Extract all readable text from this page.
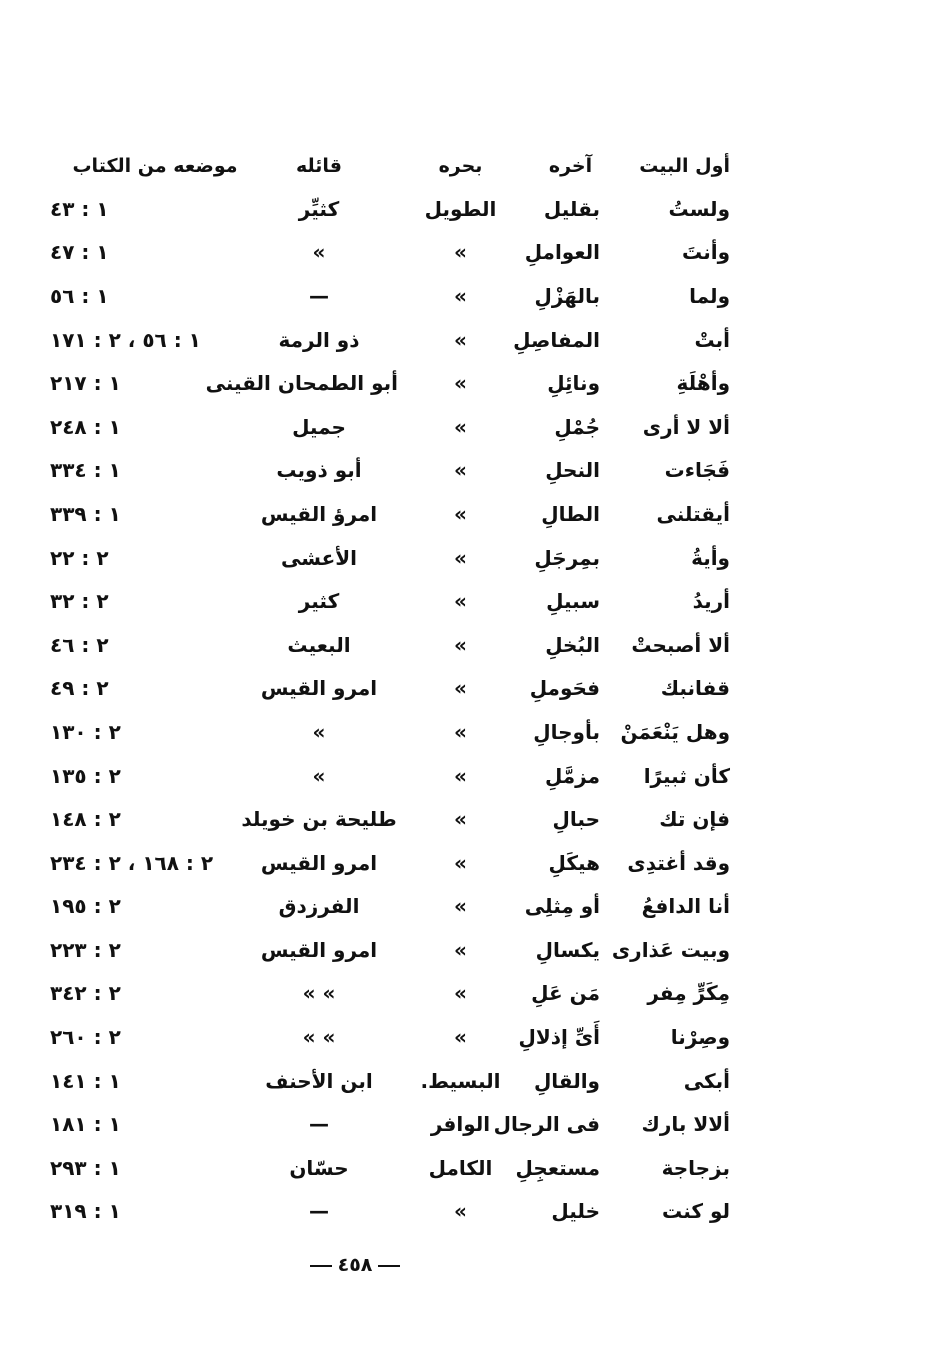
أول البيت
آخره
بحره
قائله
موضعه من الكتاب
ولستُ
بقليل
الطويل
كثيِّر
١ : ٤٣
وأنتَ
العواملِ
»
»
١ : ٤٧
ولما
بالهَزْلِ
»
—
١ : ٥٦
أبتْ
المفاصِلِ
»
ذو الرمة
١ : ٥٦ ، ٢ : ١٧١
وأهْلَةِ
ونائِلِ
»
أبو الطمحان القينى
١ : ٢١٧
ألا لا أرى
جُمْلِ
»
جميل
١ : ٢٤٨
فَجَاءت
النحلِ
»
أبو ذويب
١ : ٣٣٤
أيقتلنى
الطالِ
»
امرؤ القيس
١ : ٣٣٩
وأيةُ
بمِرجَلِ
»
الأعشى
٢ : ٢٢
أريدُ
سبيلِ
»
كثير
٢ : ٣٢
ألا أصبحتْ
البُخلِ
»
البعيث
٢ : ٤٦
قفانبك
فحَوملِ
»
امرو القيس
٢ : ٤٩
وهل يَنْعَمَنْ
بأوجالِ
»
»
٢ : ١٣٠
كأن ثبيرًا
مزمَّلِ
»
»
٢ : ١٣٥
فإن تك
حبالِ
»
طليحة بن خويلد
٢ : ١٤٨
وقد أغتدِى
هيكَلِ
»
امرو القيس
٢ : ١٦٨ ، ٢ : ٢٣٤
أنا الدافعُ
أو مِثلِى
»
الفرزدق
٢ : ١٩٥
وبيت عَذارى
يكسالِ
»
امرو القيس
٢ : ٢٢٣
مِكَرٍّ مِفر
مَن عَلِ
»
» »
٢ : ٣٤٢
وصِرْنا
أَىِّ إذلالِ
»
» »
٢ : ٢٦٠
أبكى
والقالِ
البسيط.
ابن الأحنف
١ : ١٤١
ألالا بارك
فى الرجال
الوافر
—
١ : ١٨١
بزجاجة
مستعجِلِ
الكامل
حسّان
١ : ٢٩٣
لو كنت
خليل
»
—
١ : ٣١٩
٤٥٨
